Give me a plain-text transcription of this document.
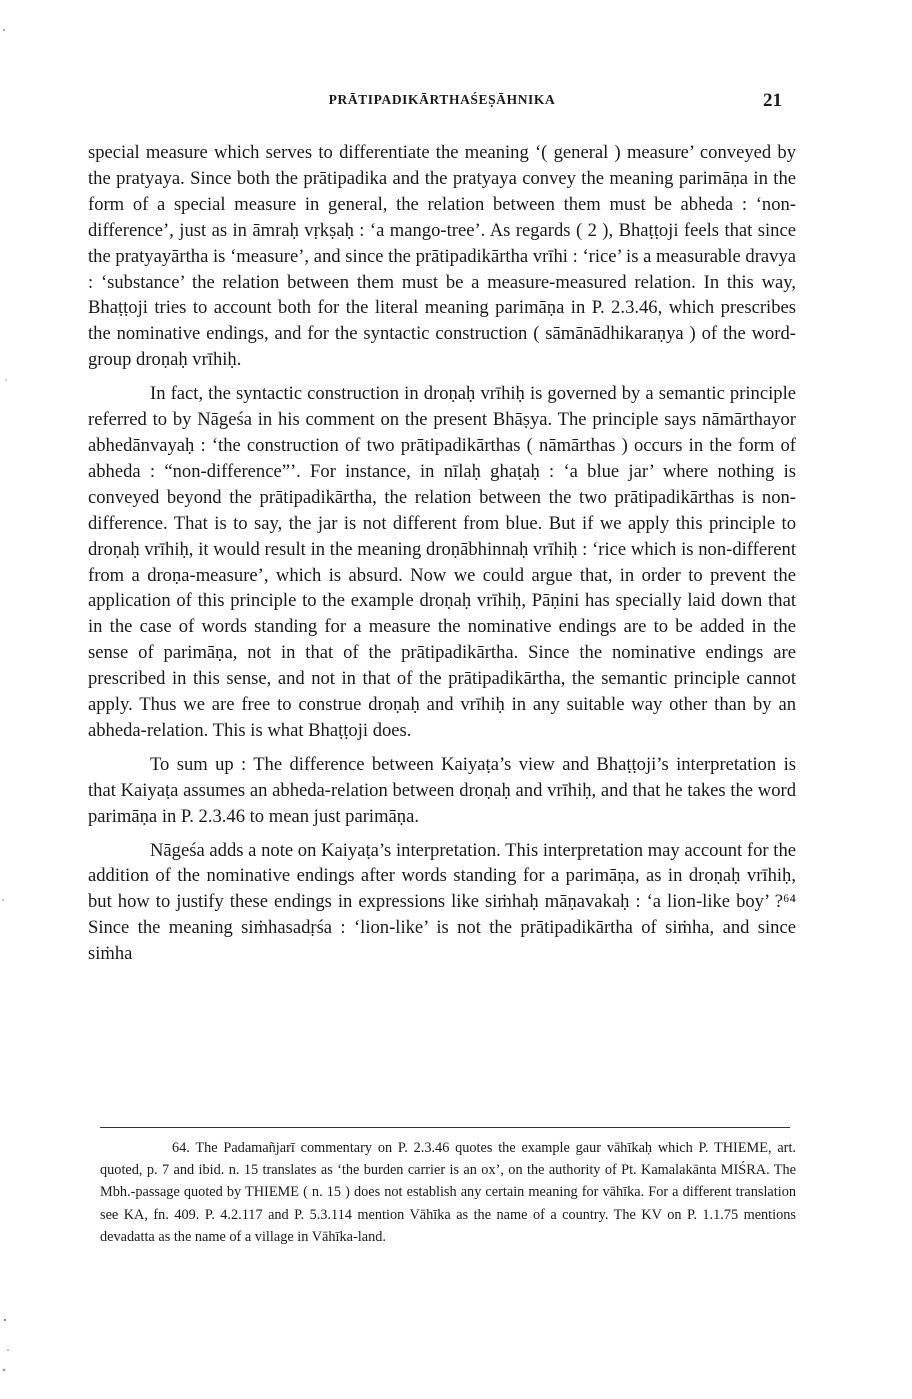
PRĀTIPADIKĀRTHAŚEṢĀHNIKA	21

special measure which serves to differentiate the meaning ‘( general ) measure’ conveyed by the pratyaya. Since both the prātipadika and the pratyaya convey the meaning parimāṇa in the form of a special measure in general, the relation between them must be abheda : ‘non-difference’, just as in āmraḥ vṛkṣaḥ : ‘a mango-tree’. As regards ( 2 ), Bhaṭṭoji feels that since the pratyayārtha is ‘measure’, and since the prātipadikārtha vrīhi : ‘rice’ is a measurable dravya : ‘substance’ the relation between them must be a measure-measured relation. In this way, Bhaṭṭoji tries to account both for the literal meaning parimāṇa in P. 2.3.46, which prescribes the nominative endings, and for the syntactic construction ( sāmānādhikaraṇya ) of the word-group droṇaḥ vrīhiḥ.

In fact, the syntactic construction in droṇaḥ vrīhiḥ is governed by a semantic principle referred to by Nāgeśa in his comment on the present Bhāṣya. The principle says nāmārthayor abhedānvayaḥ : ‘the construction of two prātipadikārthas ( nāmārthas ) occurs in the form of abheda : “non-difference”’. For instance, in nīlaḥ ghaṭaḥ : ‘a blue jar’ where nothing is conveyed beyond the prātipadikārtha, the relation between the two prātipadikārthas is non-difference. That is to say, the jar is not different from blue. But if we apply this principle to droṇaḥ vrīhiḥ, it would result in the meaning droṇābhinnaḥ vrīhiḥ : ‘rice which is non-different from a droṇa-measure’, which is absurd. Now we could argue that, in order to prevent the application of this principle to the example droṇaḥ vrīhiḥ, Pāṇini has specially laid down that in the case of words standing for a measure the nominative endings are to be added in the sense of parimāṇa, not in that of the prātipadikārtha. Since the nominative endings are prescribed in this sense, and not in that of the prātipadikārtha, the semantic principle cannot apply. Thus we are free to construe droṇaḥ and vrīhiḥ in any suitable way other than by an abheda-relation. This is what Bhaṭṭoji does.

To sum up : The difference between Kaiyaṭa’s view and Bhaṭṭoji’s interpretation is that Kaiyaṭa assumes an abheda-relation between droṇaḥ and vrīhiḥ, and that he takes the word parimāṇa in P. 2.3.46 to mean just parimāṇa.

Nāgeśa adds a note on Kaiyaṭa’s interpretation. This interpretation may account for the addition of the nominative endings after words standing for a parimāṇa, as in droṇaḥ vrīhiḥ, but how to justify these endings in expressions like siṁhaḥ māṇavakaḥ : ‘a lion-like boy’ ?⁶⁴ Since the meaning siṁhasadṛśa : ‘lion-like’ is not the prātipadikārtha of siṁha, and since siṁha

64. The Padamañjarī commentary on P. 2.3.46 quotes the example gaur vāhīkaḥ which P. THIEME, art. quoted, p. 7 and ibid. n. 15 translates as ‘the burden carrier is an ox’, on the authority of Pt. Kamalakānta MIŚRA. The Mbh.-passage quoted by THIEME ( n. 15 ) does not establish any certain meaning for vāhīka. For a different translation see KA, fn. 409. P. 4.2.117 and P. 5.3.114 mention Vāhīka as the name of a country. The KV on P. 1.1.75 mentions devadatta as the name of a village in Vāhīka-land.
